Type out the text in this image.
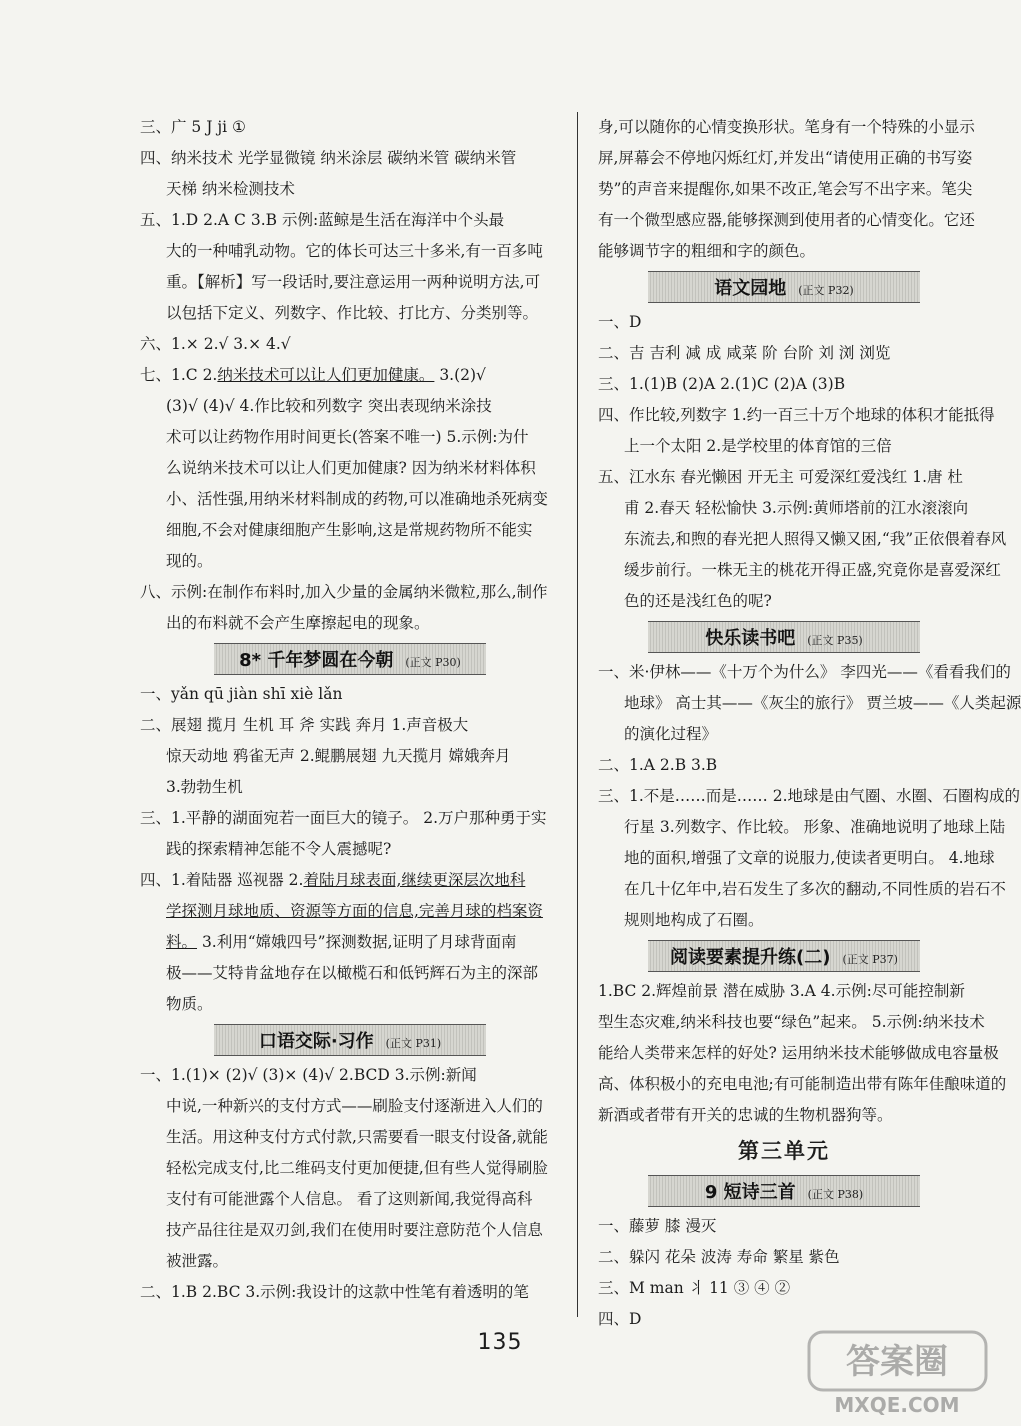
三、广 5 J ji ①
四、纳米技术 光学显微镜 纳米涂层 碳纳米管 碳纳米管
天梯 纳米检测技术
五、1.D 2.A C 3.B 示例:蓝鲸是生活在海洋中个头最
大的一种哺乳动物。它的体长可达三十多米,有一百多吨
重。【解析】写一段话时,要注意运用一两种说明方法,可
以包括下定义、列数字、作比较、打比方、分类别等。
六、1.× 2.√ 3.× 4.√
七、1.C 2.纳米技术可以让人们更加健康。 3.(2)√
(3)√ (4)√ 4.作比较和列数字 突出表现纳米涂技
术可以让药物作用时间更长(答案不唯一) 5.示例:为什
么说纳米技术可以让人们更加健康? 因为纳米材料体积
小、活性强,用纳米材料制成的药物,可以准确地杀死病变
细胞,不会对健康细胞产生影响,这是常规药物所不能实
现的。
八、示例:在制作布料时,加入少量的金属纳米微粒,那么,制作
出的布料就不会产生摩擦起电的现象。
8* 千年梦圆在今朝 (正文 P30)
一、yǎn qū jiàn shī xiè lǎn
二、展翅 揽月 生机 耳 斧 实践 奔月 1.声音极大
惊天动地 鸦雀无声 2.鲲鹏展翅 九天揽月 嫦娥奔月
3.勃勃生机
三、1.平静的湖面宛若一面巨大的镜子。 2.万户那种勇于实
践的探索精神怎能不令人震撼呢?
四、1.着陆器 巡视器 2.着陆月球表面,继续更深层次地科
学探测月球地质、资源等方面的信息,完善月球的档案资
料。 3.利用“嫦娥四号”探测数据,证明了月球背面南
极——艾特肯盆地存在以橄榄石和低钙辉石为主的深部
物质。
口语交际·习作 (正文 P31)
一、1.(1)× (2)√ (3)× (4)√ 2.BCD 3.示例:新闻
中说,一种新兴的支付方式——刷脸支付逐渐进入人们的
生活。用这种支付方式付款,只需要看一眼支付设备,就能
轻松完成支付,比二维码支付更加便捷,但有些人觉得刷脸
支付有可能泄露个人信息。 看了这则新闻,我觉得高科
技产品往往是双刃剑,我们在使用时要注意防范个人信息
被泄露。
二、1.B 2.BC 3.示例:我设计的这款中性笔有着透明的笔
身,可以随你的心情变换形状。笔身有一个特殊的小显示
屏,屏幕会不停地闪烁红灯,并发出“请使用正确的书写姿
势”的声音来提醒你,如果不改正,笔会写不出字来。笔尖
有一个微型感应器,能够探测到使用者的心情变化。它还
能够调节字的粗细和字的颜色。
语文园地 (正文 P32)
一、D
二、吉 吉利 减 成 咸菜 阶 台阶 刘 浏 浏览
三、1.(1)B (2)A 2.(1)C (2)A (3)B
四、作比较,列数字 1.约一百三十万个地球的体积才能抵得
上一个太阳 2.是学校里的体育馆的三倍
五、江水东 春光懒困 开无主 可爱深红爱浅红 1.唐 杜
甫 2.春天 轻松愉快 3.示例:黄师塔前的江水滚滚向
东流去,和煦的春光把人照得又懒又困,“我”正依偎着春风
缓步前行。一株无主的桃花开得正盛,究竟你是喜爱深红
色的还是浅红色的呢?
快乐读书吧 (正文 P35)
一、米·伊林——《十万个为什么》 李四光——《看看我们的
地球》 高士其——《灰尘的旅行》 贾兰坡——《人类起源
的演化过程》
二、1.A 2.B 3.B
三、1.不是……而是…… 2.地球是由气圈、水圈、石圈构成的
行星 3.列数字、作比较。 形象、准确地说明了地球上陆
地的面积,增强了文章的说服力,使读者更明白。 4.地球
在几十亿年中,岩石发生了多次的翻动,不同性质的岩石不
规则地构成了石圈。
阅读要素提升练(二) (正文 P37)
1.BC 2.辉煌前景 潜在威胁 3.A 4.示例:尽可能控制新
型生态灾难,纳米科技也要“绿色”起来。 5.示例:纳米技术
能给人类带来怎样的好处? 运用纳米技术能够做成电容量极
高、体积极小的充电电池;有可能制造出带有陈年佳酿味道的
新酒或者带有开关的忠诚的生物机器狗等。
第三单元
9 短诗三首 (正文 P38)
一、藤萝 膝 漫灭
二、躲闪 花朵 波涛 寿命 繁星 紫色
三、M man 丬 11 ③ ④ ②
四、D
135	答案圈
MXQE.COM
